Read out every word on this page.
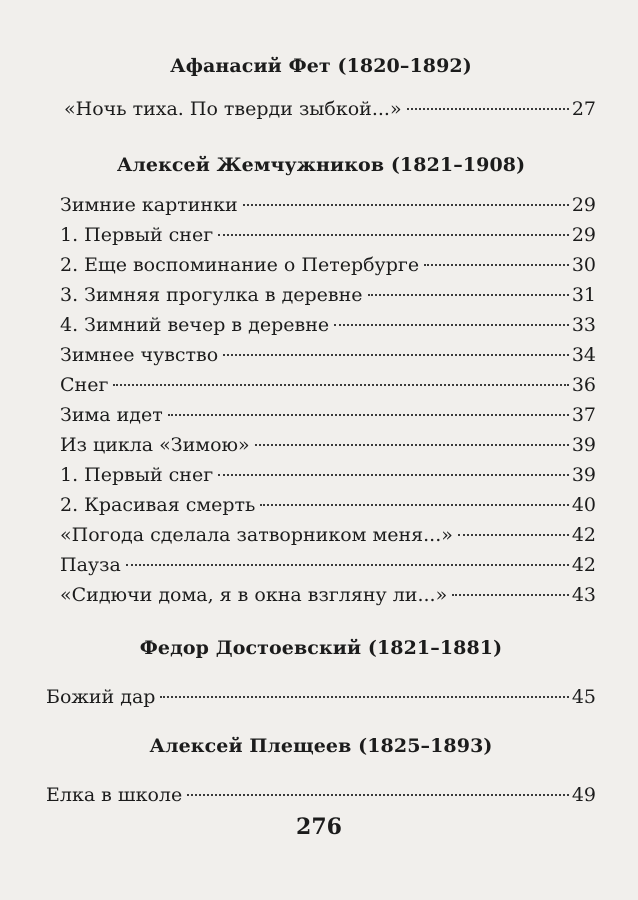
Афанасий Фет (1820–1892)
«Ночь тиха. По тверди зыбкой...»	27
Алексей Жемчужников (1821–1908)
Зимние картинки	29
1. Первый снег	29
2. Еще воспоминание о Петербурге	30
3. Зимняя прогулка в деревне	31
4. Зимний вечер в деревне	33
Зимнее чувство	34
Снег	36
Зима идет	37
Из цикла «Зимою»	39
1. Первый снег	39
2. Красивая смерть	40
«Погода сделала затворником меня...»	42
Пауза	42
«Сидючи дома, я в окна взгляну ли...»	43
Федор Достоевский (1821–1881)
Божий дар	45
Алексей Плещеев (1825–1893)
Елка в школе	49
276
